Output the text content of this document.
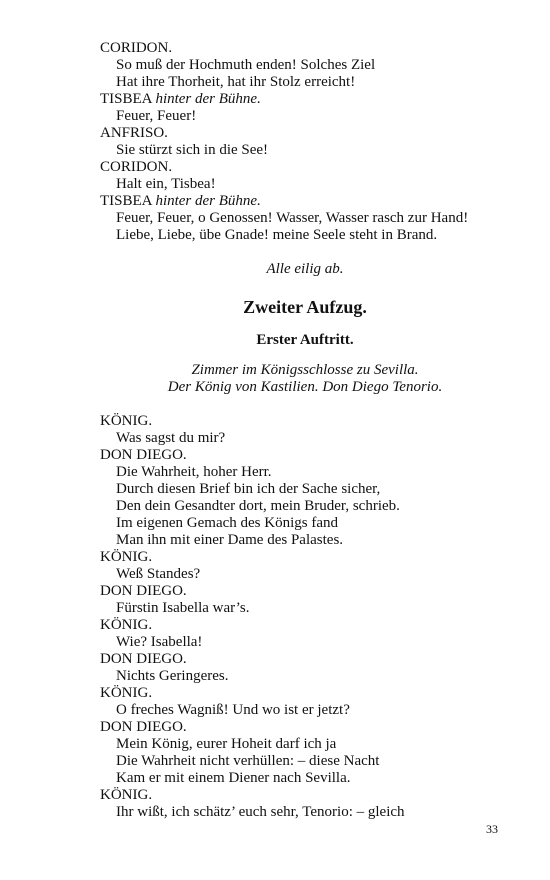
CORIDON.
So muß der Hochmuth enden! Solches Ziel
Hat ihre Thorheit, hat ihr Stolz erreicht!
TISBEA hinter der Bühne.
Feuer, Feuer!
ANFRISO.
Sie stürzt sich in die See!
CORIDON.
Halt ein, Tisbea!
TISBEA hinter der Bühne.
Feuer, Feuer, o Genossen! Wasser, Wasser rasch zur Hand!
Liebe, Liebe, übe Gnade! meine Seele steht in Brand.
Alle eilig ab.
Zweiter Aufzug.
Erster Auftritt.
Zimmer im Königsschlosse zu Sevilla.
Der König von Kastilien. Don Diego Tenorio.
KÖNIG.
Was sagst du mir?
DON DIEGO.
Die Wahrheit, hoher Herr.
Durch diesen Brief bin ich der Sache sicher,
Den dein Gesandter dort, mein Bruder, schrieb.
Im eigenen Gemach des Königs fand
Man ihn mit einer Dame des Palastes.
KÖNIG.
Weß Standes?
DON DIEGO.
Fürstin Isabella war’s.
KÖNIG.
Wie? Isabella!
DON DIEGO.
Nichts Geringeres.
KÖNIG.
O freches Wagniß! Und wo ist er jetzt?
DON DIEGO.
Mein König, eurer Hoheit darf ich ja
Die Wahrheit nicht verhüllen: – diese Nacht
Kam er mit einem Diener nach Sevilla.
KÖNIG.
Ihr wißt, ich schätz’ euch sehr, Tenorio: – gleich
33
